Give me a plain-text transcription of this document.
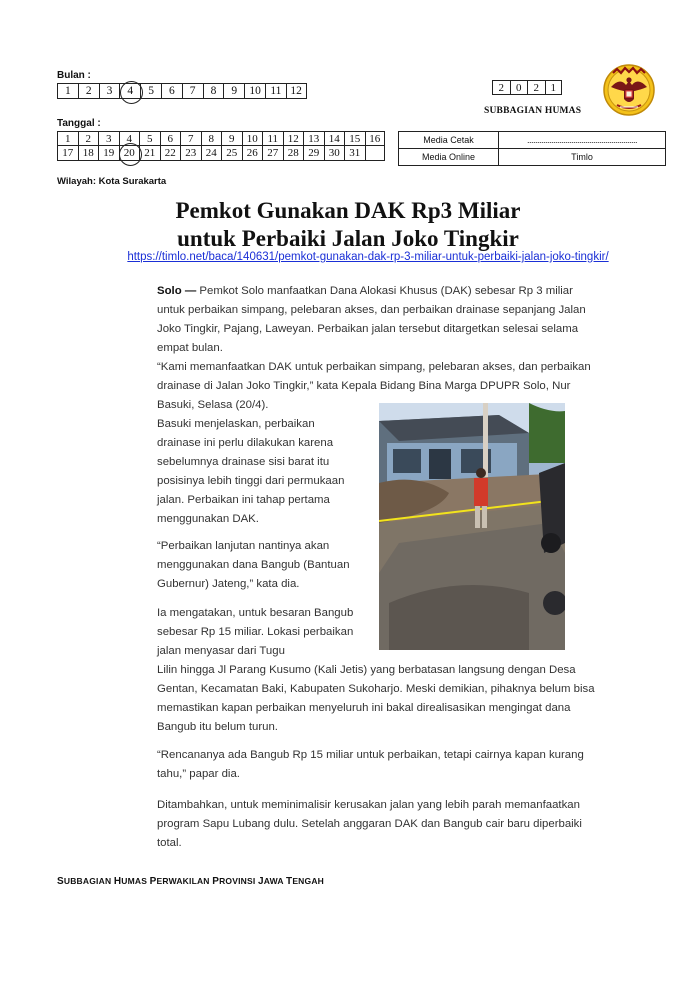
Bulan :
1	2	3	4	5	6	7	8	9	10 11 12
Tanggal :
1	2	3	4	5	6	7	8	9	10 11 12 13 14 15 16
17 18 19 20 21 22 23 24 25 26 27 28 29 30 31
2	0	2	1
SUBBAGIAN HUMAS
Media Cetak	.......................................................
Media Online	Timlo
Wilayah: Kota Surakarta
Pemkot Gunakan DAK Rp3 Miliar
untuk Perbaiki Jalan Joko Tingkir
https://timlo.net/baca/140631/pemkot-gunakan-dak-rp-3-miliar-untuk-perbaiki-jalan-joko-tingkir/
Solo — Pemkot Solo manfaatkan Dana Alokasi Khusus (DAK) sebesar Rp 3 miliar untuk perbaikan simpang, pelebaran akses, dan perbaikan drainase sepanjang Jalan Joko Tingkir, Pajang, Laweyan. Perbaikan jalan tersebut ditargetkan selesai selama empat bulan.
“Kami memanfaatkan DAK untuk perbaikan simpang, pelebaran akses, dan perbaikan drainase di Jalan Joko Tingkir,” kata Kepala Bidang Bina Marga DPUPR Solo, Nur Basuki, Selasa (20/4).
Basuki menjelaskan, perbaikan drainase ini perlu dilakukan karena sebelumnya drainase sisi barat itu posisinya lebih tinggi dari permukaan jalan. Perbaikan ini tahap pertama menggunakan DAK.
“Perbaikan lanjutan nantinya akan menggunakan dana Bangub (Bantuan Gubernur) Jateng,” kata dia.
Ia mengatakan, untuk besaran Bangub sebesar Rp 15 miliar. Lokasi perbaikan jalan menyasar dari Tugu
Lilin hingga Jl Parang Kusumo (Kali Jetis) yang berbatasan langsung dengan Desa Gentan, Kecamatan Baki, Kabupaten Sukoharjo. Meski demikian, pihaknya belum bisa memastikan kapan perbaikan menyeluruh ini bakal direalisasikan mengingat dana Bangub itu belum turun.
“Rencananya ada Bangub Rp 15 miliar untuk perbaikan, tetapi cairnya kapan kurang tahu,” papar dia.
Ditambahkan, untuk meminimalisir kerusakan jalan yang lebih parah memanfaatkan program Sapu Lubang dulu. Setelah anggaran DAK dan Bangub cair baru diperbaiki total.
SUBBAGIAN HUMAS PERWAKILAN PROVINSI JAWA TENGAH
